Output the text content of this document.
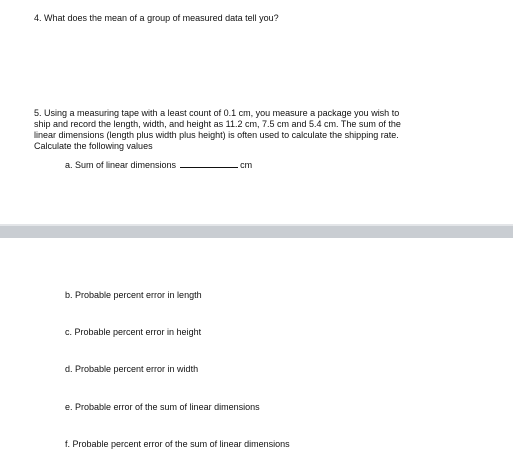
4. What does the mean of a group of measured data tell you?

5. Using a measuring tape with a least count of 0.1 cm, you measure a package you wish to
ship and record the length, width, and height as 11.2 cm, 7.5 cm and 5.4 cm. The sum of the
linear dimensions (length plus width plus height) is often used to calculate the shipping rate.
Calculate the following values

a. Sum of linear dimensions	cm

b. Probable percent error in length

c. Probable percent error in height

d. Probable percent error in width

e. Probable error of the sum of linear dimensions

f. Probable percent error of the sum of linear dimensions
